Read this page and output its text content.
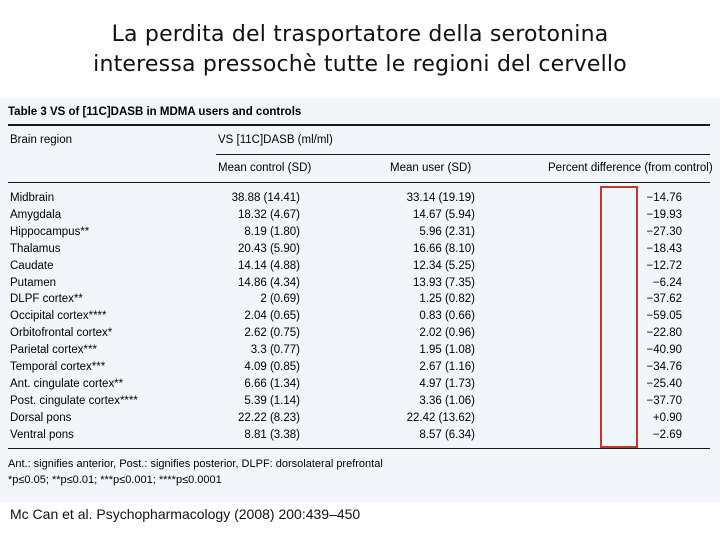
La perdita del trasportatore della serotonina
interessa pressochè tutte le regioni del cervello
Table 3 VS of [11C]DASB in MDMA users and controls
Brain region	VS [11C]DASB (ml/ml)
Mean control (SD)	Mean user (SD)	Percent difference (from control)
Midbrain	38.88 (14.41)	33.14 (19.19)	−14.76
Amygdala	18.32 (4.67)	14.67 (5.94)	−19.93
Hippocampus**	8.19 (1.80)	5.96 (2.31)	−27.30
Thalamus	20.43 (5.90)	16.66 (8.10)	−18.43
Caudate	14.14 (4.88)	12.34 (5.25)	−12.72
Putamen	14.86 (4.34)	13.93 (7.35)	−6.24
DLPF cortex**	2 (0.69)	1.25 (0.82)	−37.62
Occipital cortex****	2.04 (0.65)	0.83 (0.66)	−59.05
Orbitofrontal cortex*	2.62 (0.75)	2.02 (0.96)	−22.80
Parietal cortex***	3.3 (0.77)	1.95 (1.08)	−40.90
Temporal cortex***	4.09 (0.85)	2.67 (1.16)	−34.76
Ant. cingulate cortex**	6.66 (1.34)	4.97 (1.73)	−25.40
Post. cingulate cortex****	5.39 (1.14)	3.36 (1.06)	−37.70
Dorsal pons	22.22 (8.23)	22.42 (13.62)	+0.90
Ventral pons	8.81 (3.38)	8.57 (6.34)	−2.69
Ant.: signifies anterior, Post.: signifies posterior, DLPF: dorsolateral prefrontal
*p≤0.05; **p≤0.01; ***p≤0.001; ****p≤0.0001
Mc Can et al. Psychopharmacology (2008) 200:439–450
